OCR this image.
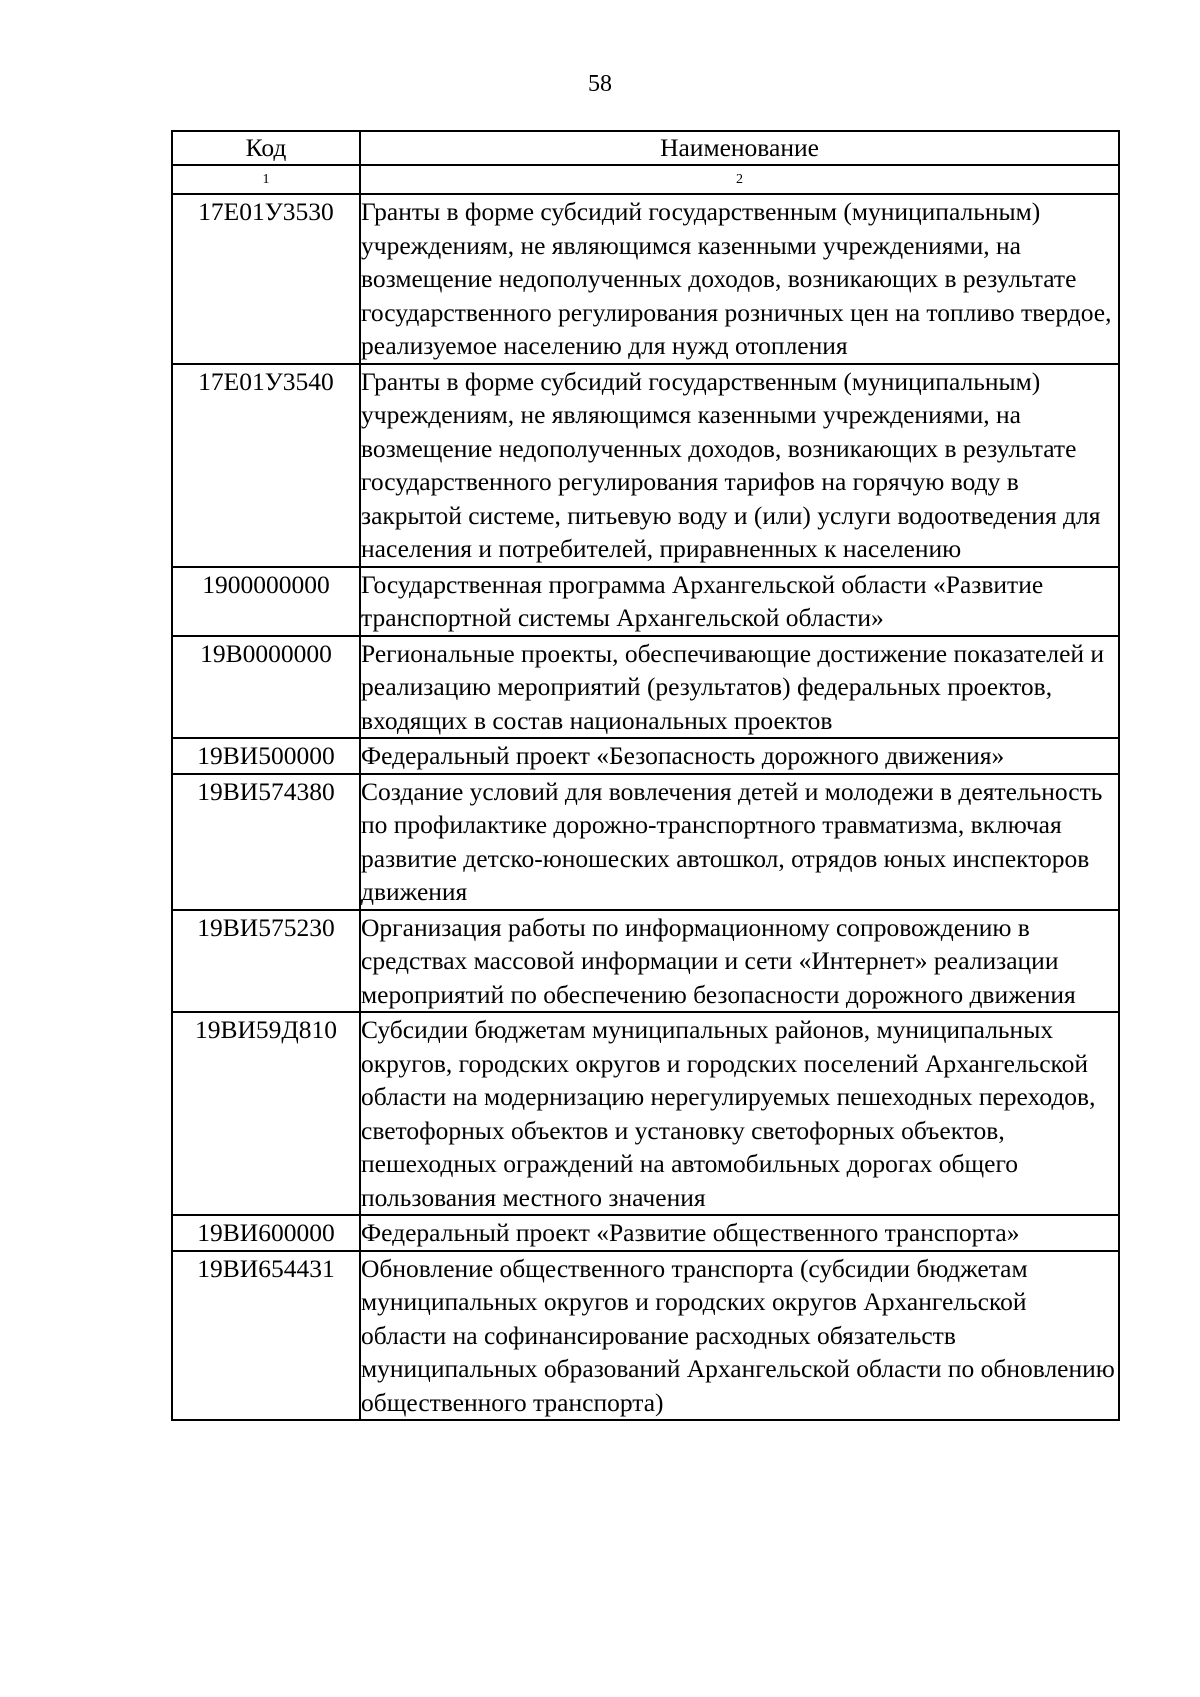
58
Код	Наименование
1	2
17Е01У3530	Гранты в форме субсидий государственным (муниципальным) учреждениям, не являющимся казенными учреждениями, на возмещение недополученных доходов, возникающих в результате государственного регулирования розничных цен на топливо твердое, реализуемое населению для нужд отопления
17Е01У3540	Гранты в форме субсидий государственным (муниципальным) учреждениям, не являющимся казенными учреждениями, на возмещение недополученных доходов, возникающих в результате государственного регулирования тарифов на горячую воду в закрытой системе, питьевую воду и (или) услуги водоотведения для населения и потребителей, приравненных к населению
1900000000	Государственная программа Архангельской области «Развитие транспортной системы Архангельской области»
19В0000000	Региональные проекты, обеспечивающие достижение показателей и реализацию мероприятий (результатов) федеральных проектов, входящих в состав национальных проектов
19ВИ500000	Федеральный проект «Безопасность дорожного движения»
19ВИ574380	Создание условий для вовлечения детей и молодежи в деятельность по профилактике дорожно-транспортного травматизма, включая развитие детско-юношеских автошкол, отрядов юных инспекторов движения
19ВИ575230	Организация работы по информационному сопровождению в средствах массовой информации и сети «Интернет» реализации мероприятий по обеспечению безопасности дорожного движения
19ВИ59Д810	Субсидии бюджетам муниципальных районов, муниципальных округов, городских округов и городских поселений Архангельской области на модернизацию нерегулируемых пешеходных переходов, светофорных объектов и установку светофорных объектов, пешеходных ограждений на автомобильных дорогах общего пользования местного значения
19ВИ600000	Федеральный проект «Развитие общественного транспорта»
19ВИ654431	Обновление общественного транспорта (субсидии бюджетам муниципальных округов и городских округов Архангельской области на софинансирование расходных обязательств муниципальных образований Архангельской области по обновлению общественного транспорта)
